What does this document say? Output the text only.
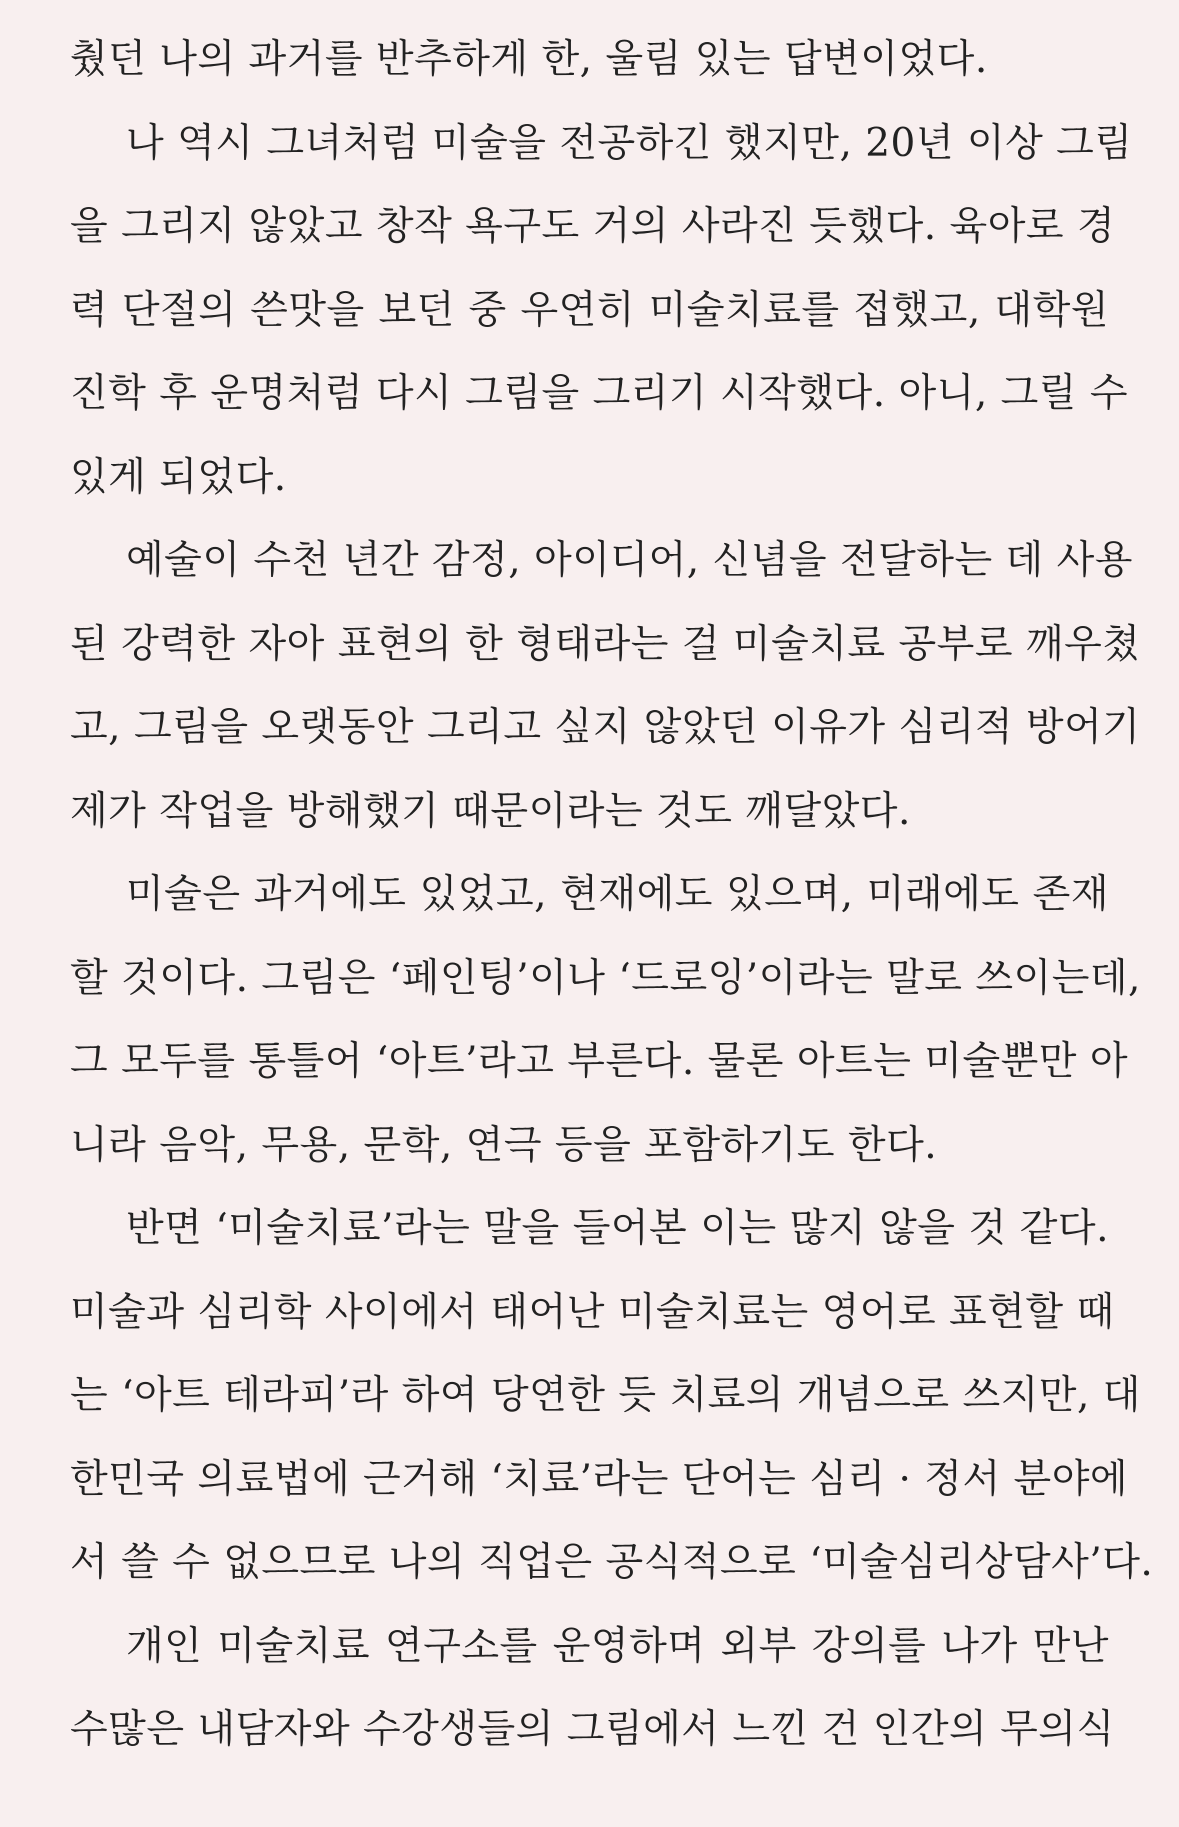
췄던 나의 과거를 반추하게 한, 울림 있는 답변이었다.
나 역시 그녀처럼 미술을 전공하긴 했지만, 20년 이상 그림
을 그리지 않았고 창작 욕구도 거의 사라진 듯했다. 육아로 경
력 단절의 쓴맛을 보던 중 우연히 미술치료를 접했고, 대학원
진학 후 운명처럼 다시 그림을 그리기 시작했다. 아니, 그릴 수
있게 되었다.
예술이 수천 년간 감정, 아이디어, 신념을 전달하는 데 사용
된 강력한 자아 표현의 한 형태라는 걸 미술치료 공부로 깨우쳤
고, 그림을 오랫동안 그리고 싶지 않았던 이유가 심리적 방어기
제가 작업을 방해했기 때문이라는 것도 깨달았다.
미술은 과거에도 있었고, 현재에도 있으며, 미래에도 존재
할 것이다. 그림은 ‘페인팅’이나 ‘드로잉’이라는 말로 쓰이는데,
그 모두를 통틀어 ‘아트’라고 부른다. 물론 아트는 미술뿐만 아
니라 음악, 무용, 문학, 연극 등을 포함하기도 한다.
반면 ‘미술치료’라는 말을 들어본 이는 많지 않을 것 같다.
미술과 심리학 사이에서 태어난 미술치료는 영어로 표현할 때
는 ‘아트 테라피’라 하여 당연한 듯 치료의 개념으로 쓰지만, 대
한민국 의료법에 근거해 ‘치료’라는 단어는 심리 · 정서 분야에
서 쓸 수 없으므로 나의 직업은 공식적으로 ‘미술심리상담사’다.
개인 미술치료 연구소를 운영하며 외부 강의를 나가 만난
수많은 내담자와 수강생들의 그림에서 느낀 건 인간의 무의식
